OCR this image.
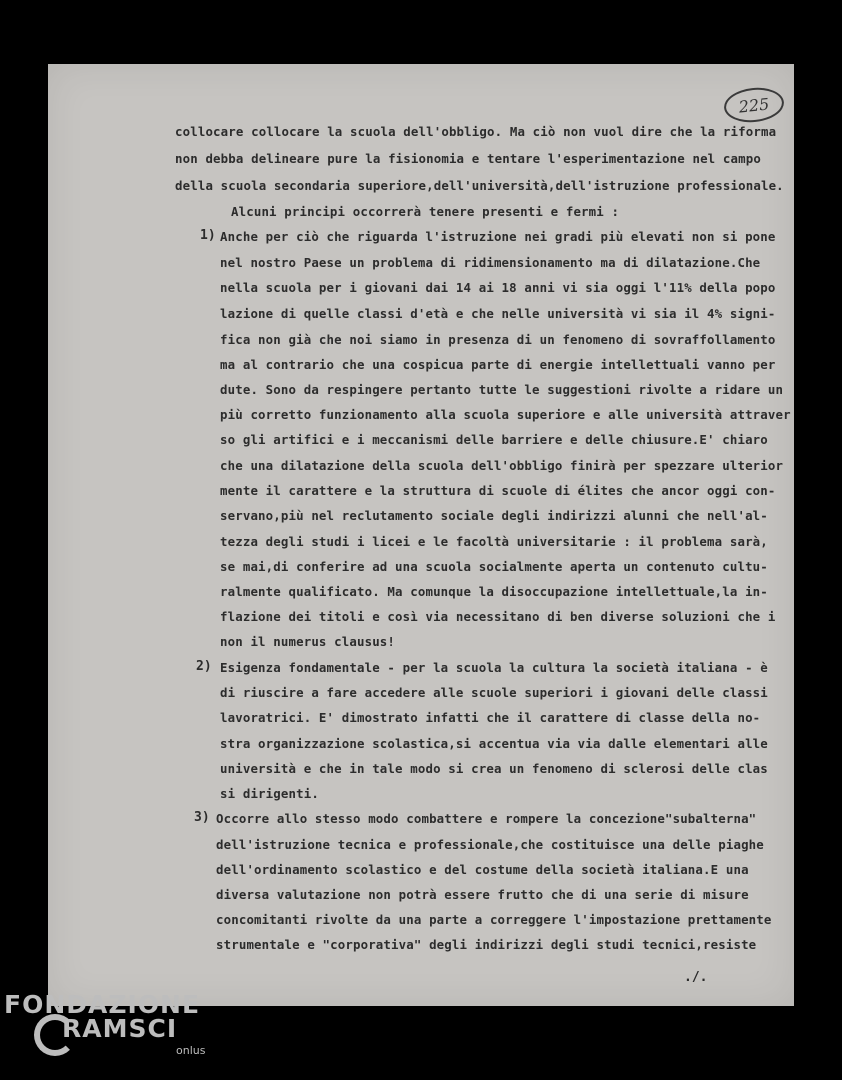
225
collocare collocare la scuola dell'obbligo. Ma ciò non vuol dire che la riforma
non debba delineare pure la fisionomia e tentare l'esperimentazione nel campo
della scuola secondaria superiore,dell'università,dell'istruzione professionale.
Alcuni principi occorrerà tenere presenti e fermi :
1) Anche per ciò che riguarda l'istruzione nei gradi più elevati non si pone
nel nostro Paese un problema di ridimensionamento ma di dilatazione.Che
nella scuola per i giovani dai 14 ai 18 anni vi sia oggi l'11% della popo
lazione di quelle classi d'età e che nelle università vi sia il 4% signi-
fica non già che noi siamo in presenza di un fenomeno di sovraffollamento
ma al contrario che una cospicua parte di energie intellettuali vanno per
dute. Sono da respingere pertanto tutte le suggestioni rivolte a ridare un
più corretto funzionamento alla scuola superiore e alle università attraver
so gli artifici e i meccanismi delle barriere e delle chiusure.E' chiaro
che una dilatazione della scuola dell'obbligo finirà per spezzare ulterior
mente il carattere e la struttura di scuole di élites che ancor oggi con-
servano,più nel reclutamento sociale degli indirizzi alunni che nell'al-
tezza degli studi i licei e le facoltà universitarie : il problema sarà,
se mai,di conferire ad una scuola socialmente aperta un contenuto cultu-
ralmente qualificato. Ma comunque la disoccupazione intellettuale,la in-
flazione dei titoli e così via necessitano di ben diverse soluzioni che i
non il numerus clausus!
2) Esigenza fondamentale - per la scuola la cultura la società italiana - è
di riuscire a fare accedere alle scuole superiori i giovani delle classi
lavoratrici. E' dimostrato infatti che il carattere di classe della no-
stra organizzazione scolastica,si accentua via via dalle elementari alle
università e che in tale modo si crea un fenomeno di sclerosi delle clas
si dirigenti.
3) Occorre allo stesso modo combattere e rompere la concezione"subalterna"
dell'istruzione tecnica e professionale,che costituisce una delle piaghe
dell'ordinamento scolastico e del costume della società italiana.E una
diversa valutazione non potrà essere frutto che di una serie di misure
concomitanti rivolte da una parte a correggere l'impostazione prettamente
strumentale e "corporativa" degli indirizzi degli studi tecnici,resiste
./.
FONDAZIONE
RAMSCI
onlus
